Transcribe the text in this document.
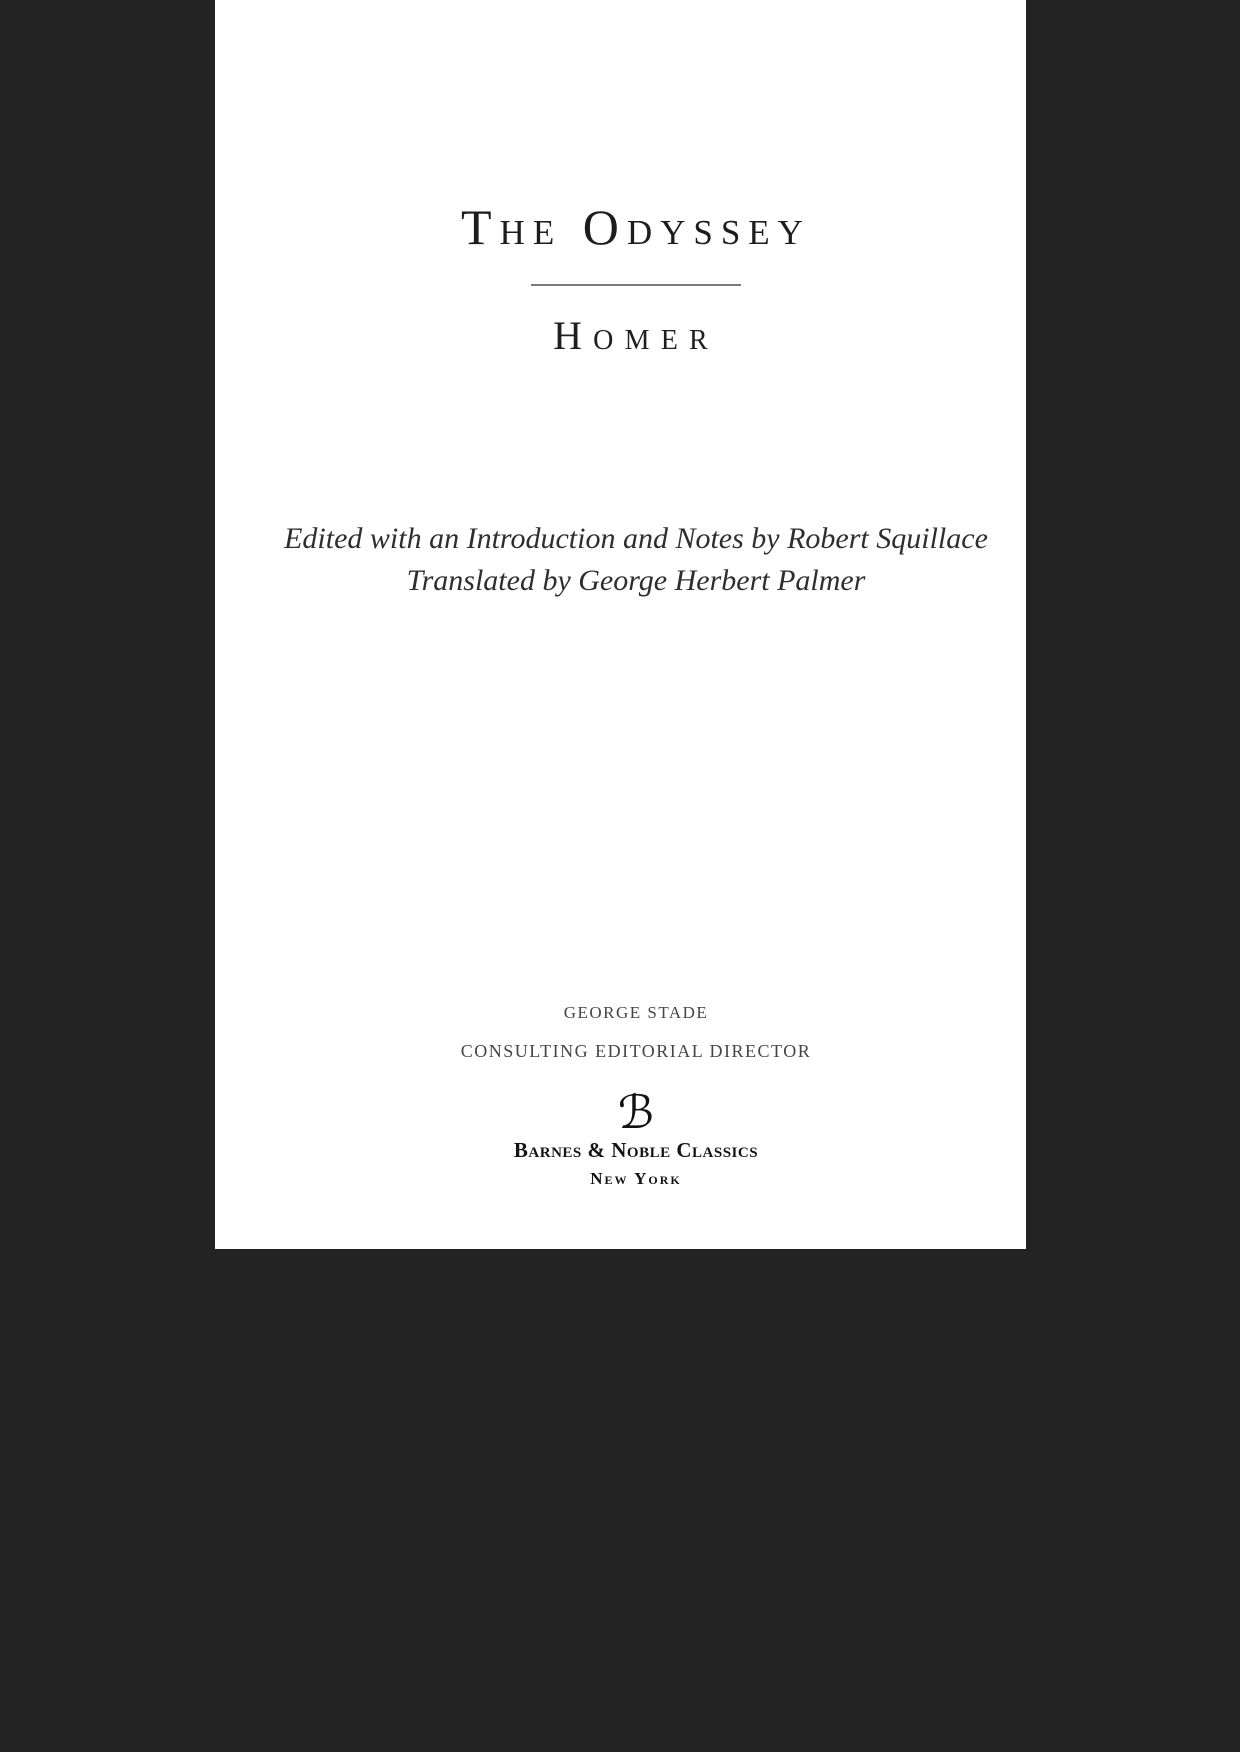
The Odyssey
Homer

Edited with an Introduction and Notes by Robert Squillace

Translated by George Herbert Palmer

GEORGE STADE

CONSULTING EDITORIAL DIRECTOR

ℬ

Barnes & Noble Classics

New York
